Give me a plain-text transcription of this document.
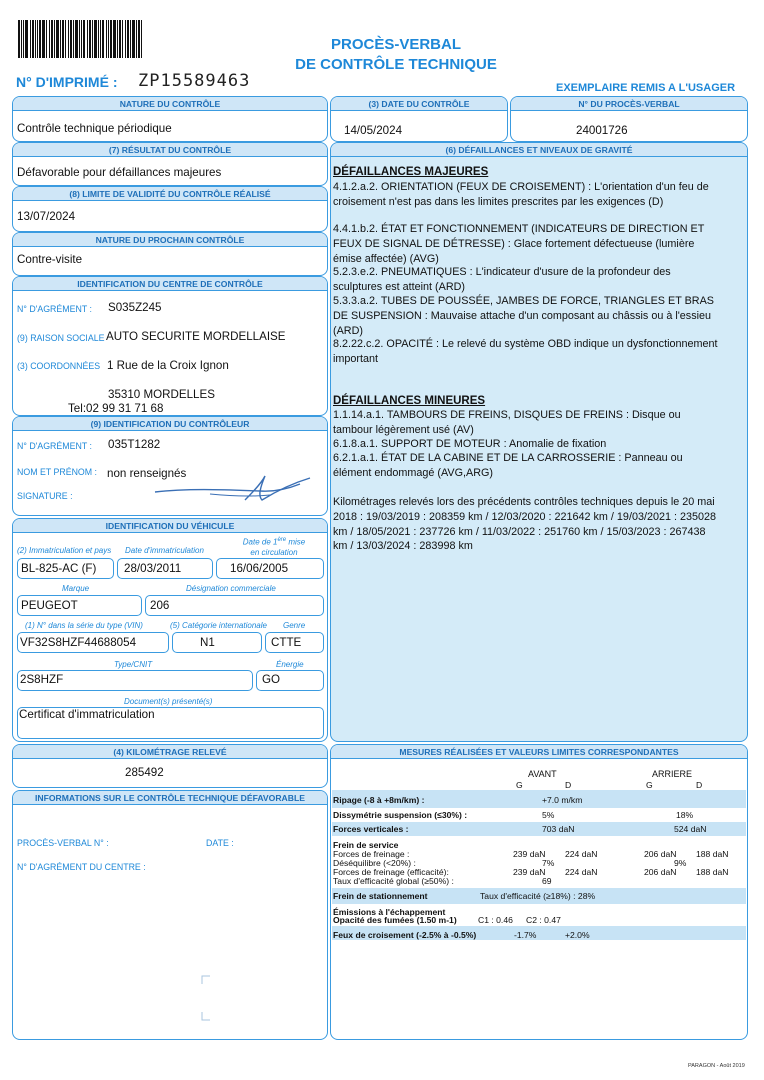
PROCÈS-VERBAL
DE CONTRÔLE TECHNIQUE
N° D'IMPRIMÉ : ZP15589463	EXEMPLAIRE REMIS A L'USAGER
NATURE DU CONTRÔLE
Contrôle technique périodique
(3) DATE DU CONTRÔLE
14/05/2024
N° DU PROCÈS-VERBAL
24001726
(7) RÉSULTAT DU CONTRÔLE
Défavorable pour défaillances majeures
(8) LIMITE DE VALIDITÉ DU CONTRÔLE RÉALISÉ
13/07/2024
NATURE DU PROCHAIN CONTRÔLE
Contre-visite
IDENTIFICATION DU CENTRE DE CONTRÔLE
N° D'AGRÉMENT : S035Z245
(9) RAISON SOCIALE AUTO SECURITE MORDELLAISE
(3) COORDONNÉES 1 Rue de la Croix Ignon
35310 MORDELLES
Tel:02 99 31 71 68
(9) IDENTIFICATION DU CONTRÔLEUR
N° D'AGRÉMENT : 035T1282
NOM ET PRÉNOM : non renseignés
SIGNATURE :
IDENTIFICATION DU VÉHICULE
(2) Immatriculation et pays Date d'immatriculation
Date de 1ère mise
en circulation
BL-825-AC (F) 28/03/2011	16/06/2005
Marque	Désignation commerciale
PEUGEOT	206
(1) N° dans la série du type (VIN)	(5) Catégorie internationale Genre
VF32S8HZF44688054	N1	CTTE
Type/CNIT	Énergie
2S8HZF	GO
Document(s) présenté(s)
Certificat d'immatriculation
(4) KILOMÉTRAGE RELEVÉ
285492
INFORMATIONS SUR LE CONTRÔLE TECHNIQUE DÉFAVORABLE
PROCÈS-VERBAL N° :	DATE :
N° D'AGRÉMENT DU CENTRE :
(6) DÉFAILLANCES ET NIVEAUX DE GRAVITÉ
DÉFAILLANCES MAJEURES
4.1.2.a.2. ORIENTATION (FEUX DE CROISEMENT) : L'orientation d'un feu de croisement n'est pas dans les limites prescrites par les exigences (D)
4.4.1.b.2. ÉTAT ET FONCTIONNEMENT (INDICATEURS DE DIRECTION ET FEUX DE SIGNAL DE DÉTRESSE) : Glace fortement défectueuse (lumière émise affectée) (AVG)
5.2.3.e.2. PNEUMATIQUES : L'indicateur d'usure de la profondeur des sculptures est atteint (ARD)
5.3.3.a.2. TUBES DE POUSSÉE, JAMBES DE FORCE, TRIANGLES ET BRAS DE SUSPENSION : Mauvaise attache d'un composant au châssis ou à l'essieu (ARD)
8.2.22.c.2. OPACITÉ : Le relevé du système OBD indique un dysfonctionnement important
DÉFAILLANCES MINEURES
1.1.14.a.1. TAMBOURS DE FREINS, DISQUES DE FREINS : Disque ou tambour légèrement usé (AV)
6.1.8.a.1. SUPPORT DE MOTEUR : Anomalie de fixation
6.2.1.a.1. ÉTAT DE LA CABINE ET DE LA CARROSSERIE : Panneau ou élément endommagé (AVG,ARG)
Kilométrages relevés lors des précédents contrôles techniques depuis le 20 mai 2018 : 19/03/2019 : 208359 km / 12/03/2020 : 221642 km / 19/03/2021 : 235028 km / 18/05/2021 : 237726 km / 11/03/2022 : 251760 km / 15/03/2023 : 267438 km / 13/03/2024 : 283998 km
MESURES RÉALISÉES ET VALEURS LIMITES CORRESPONDANTES
AVANT	ARRIERE
G	D	G	D
Ripage (-8 à +8m/km) :	+7.0 m/km
Dissymétrie suspension (≤30%) :	5%	18%
Forces verticales :	703 daN	524 daN
Frein de service
Forces de freinage :	239 daN 224 daN	206 daN 188 daN
Déséquilibre (<20%) :	7%	9%
Forces de freinage (efficacité):	239 daN 224 daN	206 daN 188 daN
Taux d'efficacité global (≥50%) :	69
Frein de stationnement	Taux d'efficacité (≥18%) : 28%
Émissions à l'échappement
Opacité des fumées (1.50 m-1) C1 : 0.46 C2 : 0.47
Feux de croisement (-2.5% à -0.5%)	-1.7%	+2.0%
PARAGON - Août 2019
